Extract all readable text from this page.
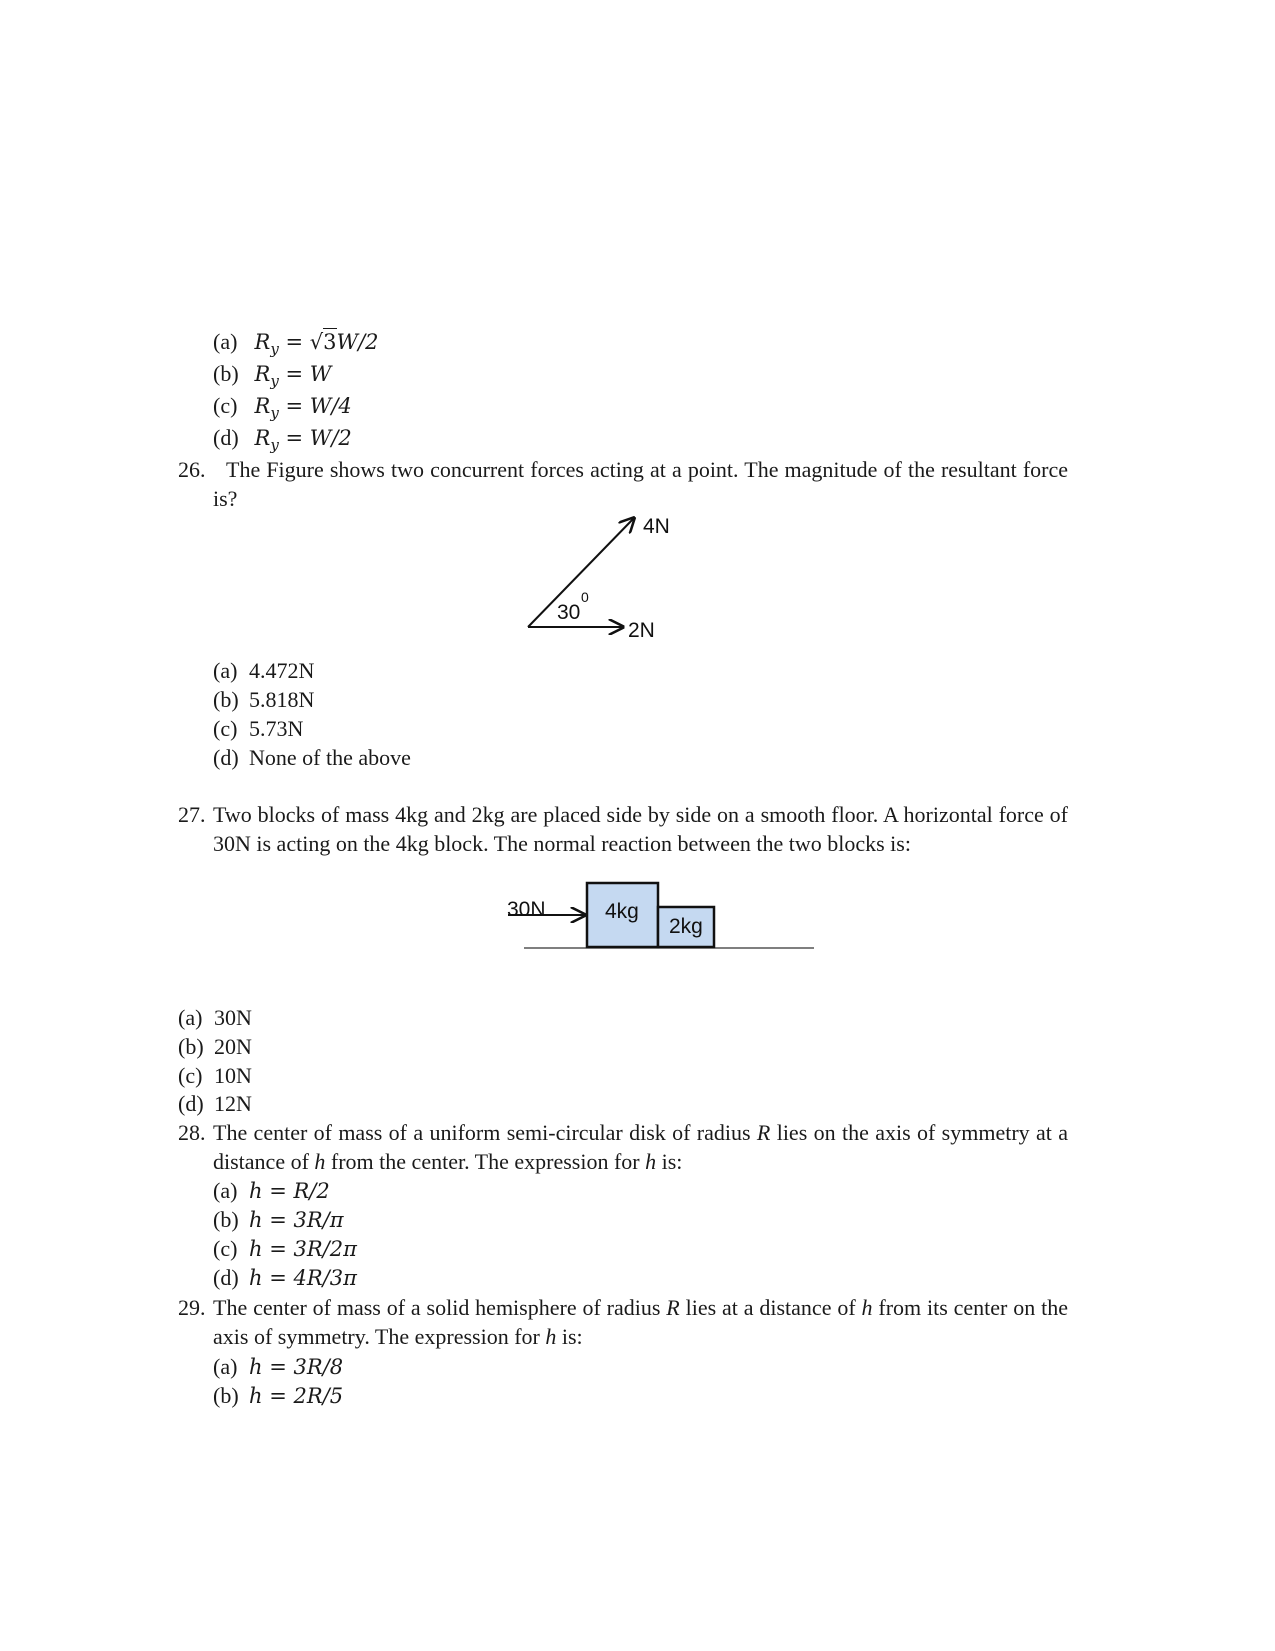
(a) $R_y = √3W/2$
(b) $R_y = W$
(c) $R_y = W/4$
(d) $R_y = W/2$
26. The Figure shows two concurrent forces acting at a point. The magnitude of the resultant force
is?
4N
2N
30
0
(a) 4.472N
(b) 5.818N
(c) 5.73N
(d) None of the above
27. Two blocks of mass 4kg and 2kg are placed side by side on a smooth floor. A horizontal force of
30N is acting on the 4kg block. The normal reaction between the two blocks is:
30N	4kg
2kg
(a) 30N
(b) 20N
(c) 10N
(d) 12N
28. The center of mass of a uniform semi-circular disk of radius R lies on the axis of symmetry at a
distance of h from the center. The expression for h is:
(a) h = R/2
(b) h = 3R/π
(c) h = 3R/2π
(d) h = 4R/3π
29. The center of mass of a solid hemisphere of radius R lies at a distance of h from its center on the
axis of symmetry. The expression for h is:
(a) h = 3R/8
(b) h = 2R/5
